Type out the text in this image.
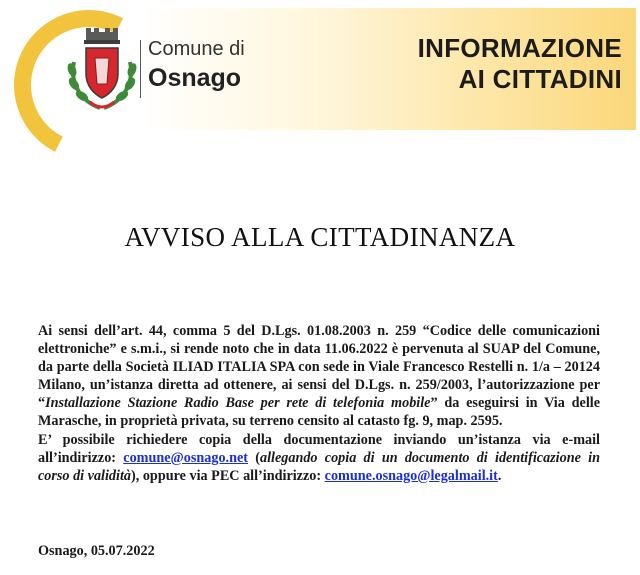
Comune di
Osnago
INFORMAZIONE
AI CITTADINI
AVVISO ALLA CITTADINANZA

Ai sensi dell’art. 44, comma 5 del D.Lgs. 01.08.2003 n. 259 “Codice delle comunicazioni elettroniche” e s.m.i., si rende noto che in data 11.06.2022 è pervenuta al SUAP del Comune, da parte della Società ILIAD ITALIA SPA con sede in Viale Francesco Restelli n. 1/a – 20124 Milano, un’istanza diretta ad ottenere, ai sensi del D.Lgs. n. 259/2003, l’autorizzazione per “Installazione Stazione Radio Base per rete di telefonia mobile” da eseguirsi in Via delle Marasche, in proprietà privata, su terreno censito al catasto fg. 9, map. 2595.

E’ possibile richiedere copia della documentazione inviando un’istanza via e-mail all’indirizzo: comune@osnago.net (allegando copia di un documento di identificazione in corso di validità), oppure via PEC all’indirizzo: comune.osnago@legalmail.it.

Osnago, 05.07.2022
